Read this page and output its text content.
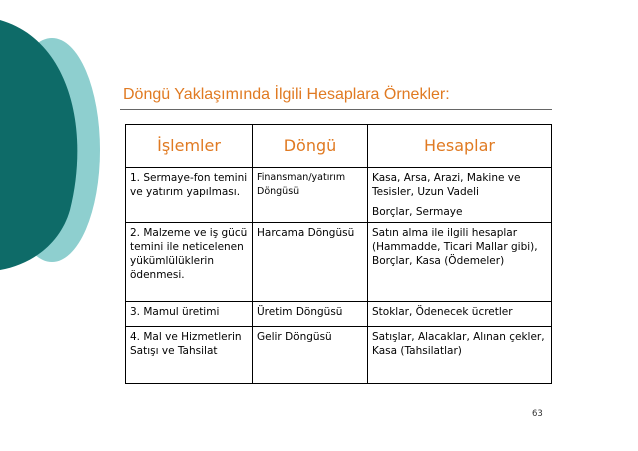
Döngü Yaklaşımında İlgili Hesaplara Örnekler:
İşlemler	Döngü	Hesaplar
1. Sermaye-fon temini ve yatırım yapılması.	Finansman/yatırım Döngüsü	Kasa, Arsa, Arazi, Makine ve Tesisler, Uzun Vadeli
Borçlar, Sermaye

2. Malzeme ve iş gücü temini ile neticelenen yükümlülüklerin ödenmesi.	Harcama Döngüsü	Satın alma ile ilgili hesaplar (Hammadde, Ticari Mallar gibi), Borçlar, Kasa (Ödemeler)
3. Mamul üretimi	Üretim Döngüsü	Stoklar, Ödenecek ücretler
4. Mal ve Hizmetlerin Satışı ve Tahsilat	Gelir Döngüsü	Satışlar, Alacaklar, Alınan çekler, Kasa (Tahsilatlar)
63
